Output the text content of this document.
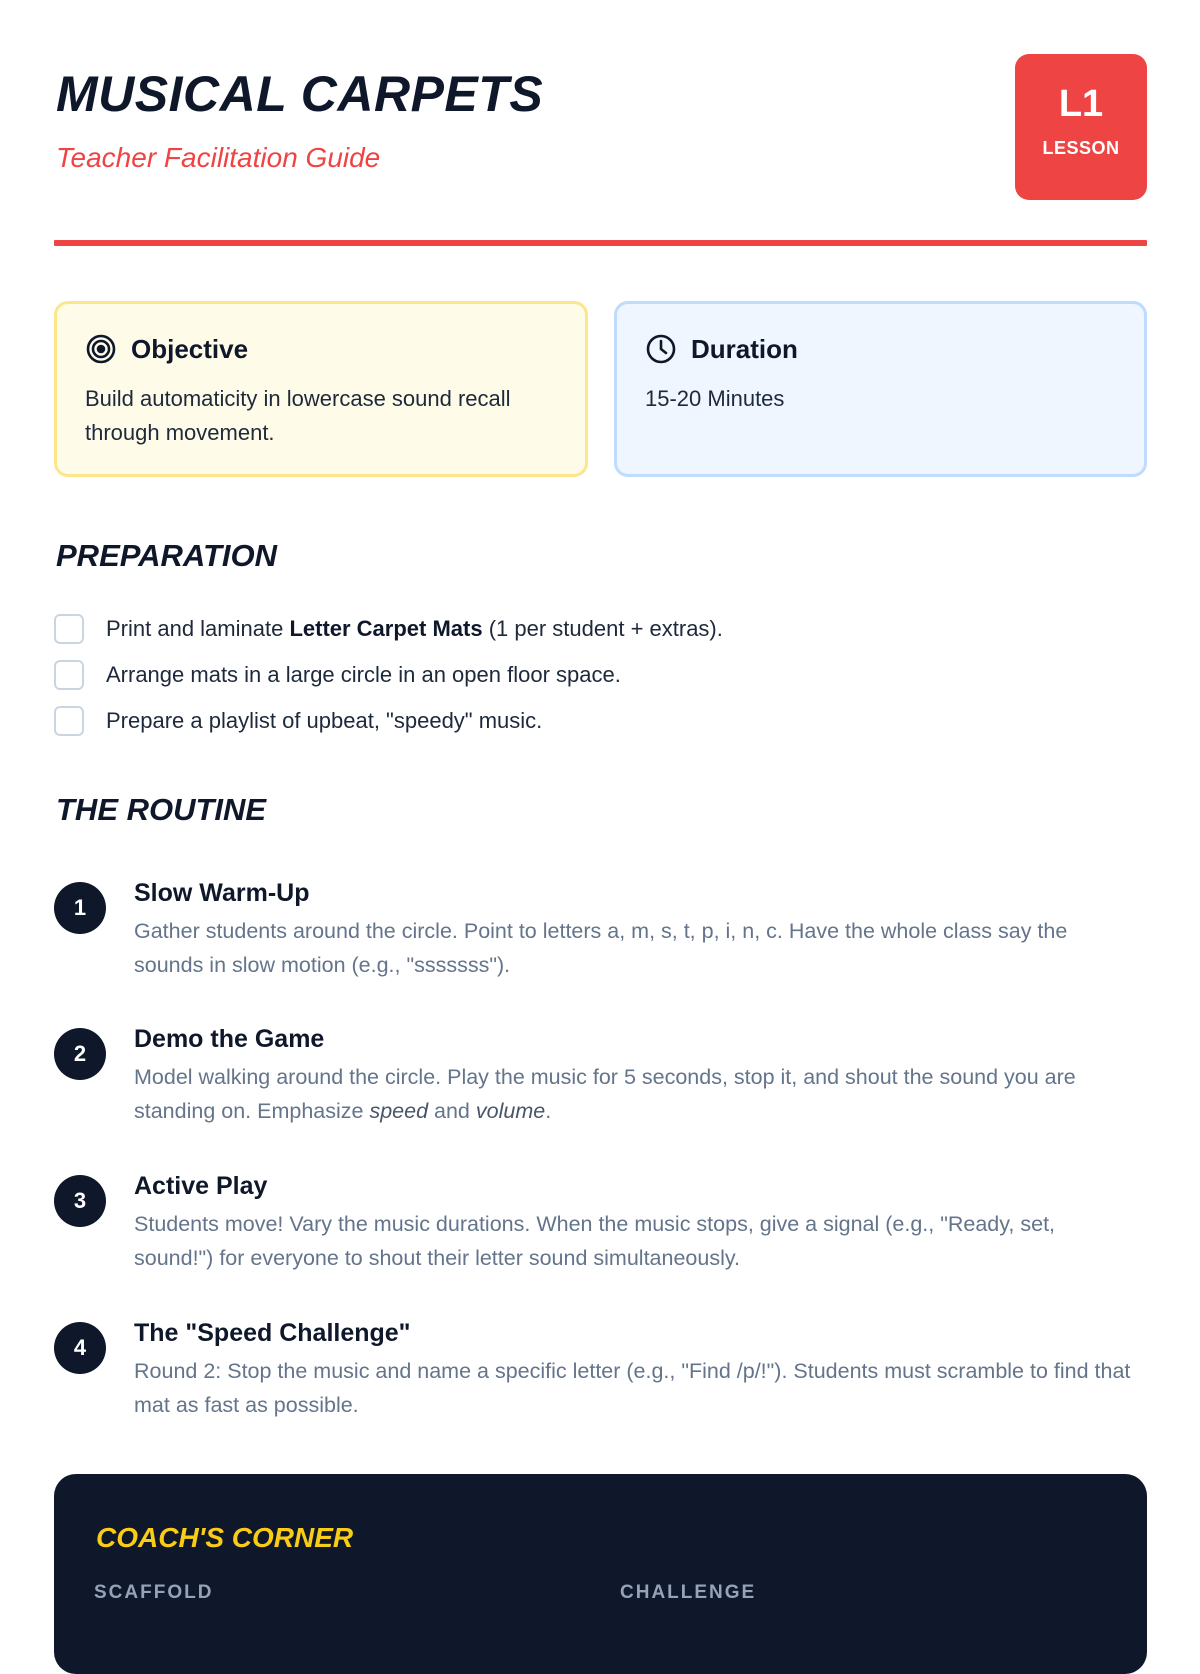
MUSICAL CARPETS
Teacher Facilitation Guide
L1
LESSON
Objective
Build automaticity in lowercase sound recall through movement.
Duration
15-20 Minutes
PREPARATION
Print and laminate Letter Carpet Mats (1 per student + extras).
Arrange mats in a large circle in an open floor space.
Prepare a playlist of upbeat, "speedy" music.
THE ROUTINE
1
Slow Warm-Up

Gather students around the circle. Point to letters a, m, s, t, p, i, n, c. Have the whole class say the sounds in slow motion (e.g., "sssssss").

2
Demo the Game

Model walking around the circle. Play the music for 5 seconds, stop it, and shout the sound you are standing on. Emphasize speed and volume.

3
Active Play

Students move! Vary the music durations. When the music stops, give a signal (e.g., "Ready, set, sound!") for everyone to shout their letter sound simultaneously.

4
The "Speed Challenge"

Round 2: Stop the music and name a specific letter (e.g., "Find /p/!"). Students must scramble to find that mat as fast as possible.

COACH'S CORNER
SCAFFOLD	CHALLENGE
